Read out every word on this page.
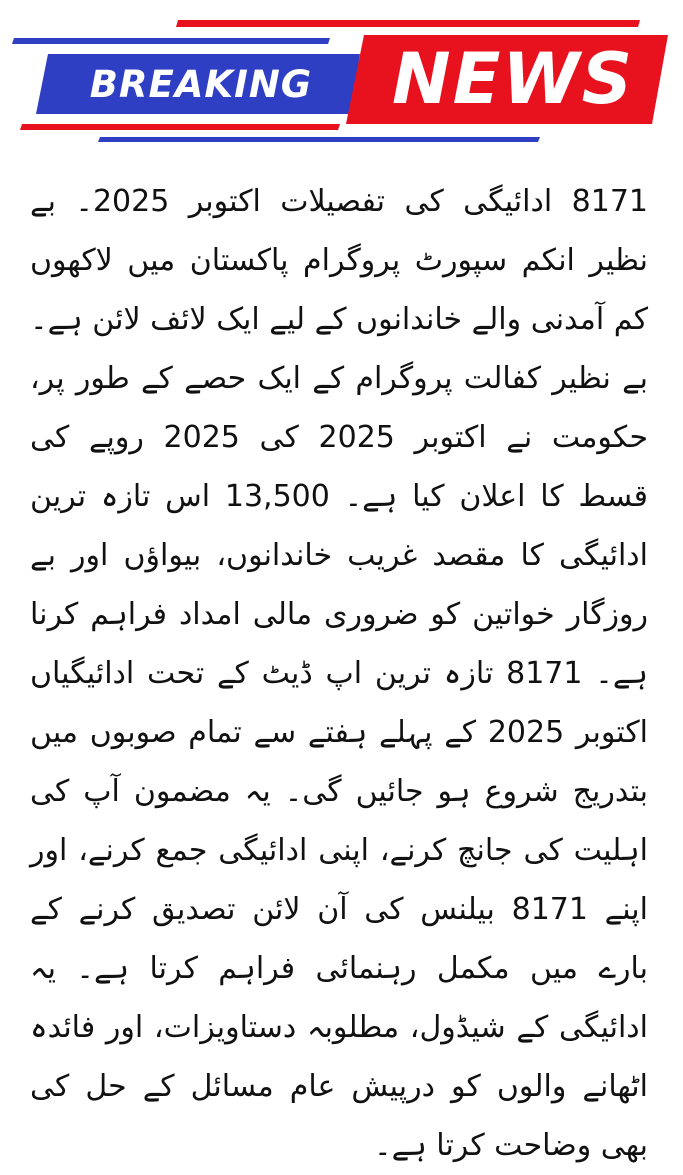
BREAKING	NEWS

8171 ادائیگی کی تفصیلات اکتوبر 2025۔ بے نظیر انکم سپورٹ پروگرام پاکستان میں لاکھوں کم آمدنی والے خاندانوں کے لیے ایک لائف لائن ہے۔ بے نظیر کفالت پروگرام کے ایک حصے کے طور پر، حکومت نے اکتوبر 2025 کی 2025 روپے کی قسط کا اعلان کیا ہے۔ 13,500 اس تازہ ترین ادائیگی کا مقصد غریب خاندانوں، بیواؤں اور بے روزگار خواتین کو ضروری مالی امداد فراہم کرنا ہے۔ 8171 تازہ ترین اپ ڈیٹ کے تحت ادائیگیاں اکتوبر 2025 کے پہلے ہفتے سے تمام صوبوں میں بتدریج شروع ہو جائیں گی۔ یہ مضمون آپ کی اہلیت کی جانچ کرنے، اپنی ادائیگی جمع کرنے، اور اپنے 8171 بیلنس کی آن لائن تصدیق کرنے کے بارے میں مکمل رہنمائی فراہم کرتا ہے۔ یہ ادائیگی کے شیڈول، مطلوبہ دستاویزات، اور فائدہ اٹھانے والوں کو درپیش عام مسائل کے حل کی بھی وضاحت کرتا ہے۔
